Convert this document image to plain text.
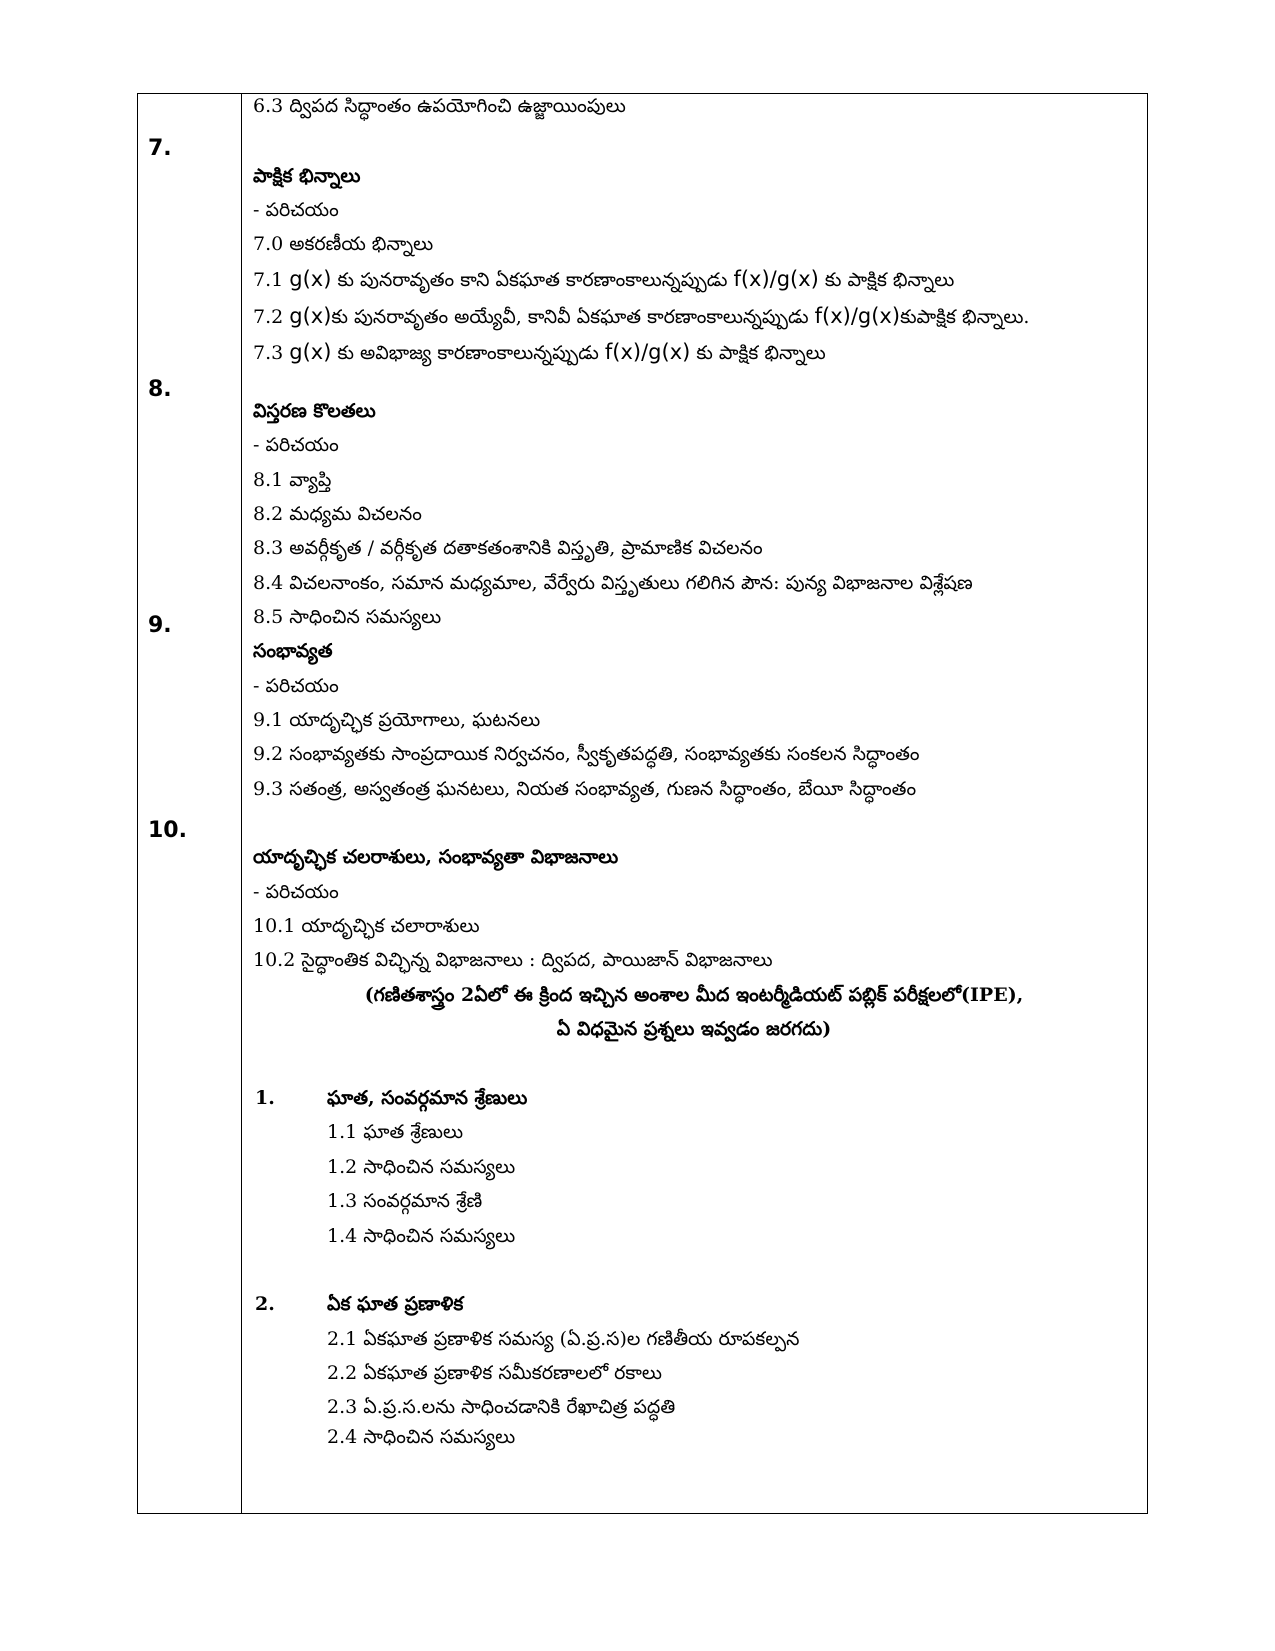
7.
8.
9.
10.
6.3 ద్విపద సిద్ధాంతం ఉపయోగించి ఉజ్జాయింపులు
పాక్షిక భిన్నాలు
- పరిచయం
7.0 అకరణీయ భిన్నాలు
7.1 g(x) కు పునరావృతం కాని ఏకఘాత కారణాంకాలున్నప్పుడు f(x)/g(x) కు పాక్షిక భిన్నాలు
7.2 g(x)కు పునరావృతం అయ్యేవీ, కానివీ ఏకఘాత కారణాంకాలున్నప్పుడు f(x)/g(x)కుపాక్షిక భిన్నాలు.
7.3 g(x) కు అవిభాజ్య కారణాంకాలున్నప్పుడు f(x)/g(x) కు పాక్షిక భిన్నాలు
విస్తరణ కొలతలు
- పరిచయం
8.1 వ్యాప్తి
8.2 మధ్యమ విచలనం
8.3 అవర్గీకృత / వర్గీకృత దతాకతంశానికి విస్తృతి, ప్రామాణిక విచలనం
8.4 విచలనాంకం, సమాన మధ్యమాల, వేర్వేరు విస్తృతులు గలిగిన పౌన: పున్య విభాజనాల విశ్లేషణ
8.5 సాధించిన సమస్యలు
సంభావ్యత
- పరిచయం
9.1 యాదృచ్ఛిక ప్రయోగాలు, ఘటనలు
9.2 సంభావ్యతకు సాంప్రదాయిక నిర్వచనం, స్వీకృతపద్ధతి, సంభావ్యతకు సంకలన సిద్ధాంతం
9.3 సతంత్ర, అస్వతంత్ర ఘనటలు, నియత సంభావ్యత, గుణన సిద్ధాంతం, బేయీ సిద్ధాంతం
యాదృచ్ఛిక చలరాశులు, సంభావ్యతా విభాజనాలు
- పరిచయం
10.1 యాదృచ్ఛిక చలారాశులు
10.2 సైద్ధాంతిక విచ్ఛిన్న విభాజనాలు : ద్విపద, పాయిజాన్ విభాజనాలు
(గణితశాస్త్రం 2ఏలో ఈ క్రింద ఇచ్చిన అంశాల మీద ఇంటర్మీడియట్ పబ్లిక్ పరీక్షలలో(IPE),
ఏ విధమైన ప్రశ్నలు ఇవ్వడం జరగదు)
1.	ఘాత, సంవర్గమాన శ్రేణులు
1.1 ఘాత శ్రేణులు
1.2 సాధించిన సమస్యలు
1.3 సంవర్గమాన శ్రేణి
1.4 సాధించిన సమస్యలు
2.	ఏక ఘాత ప్రణాళిక
2.1 ఏకఘాత ప్రణాళిక సమస్య (ఏ.ప్ర.స)ల గణితీయ రూపకల్పన
2.2 ఏకఘాత ప్రణాళిక సమీకరణాలలో రకాలు
2.3 ఏ.ప్ర.స.లను సాధించడానికి రేఖాచిత్ర పద్ధతి
2.4 సాధించిన సమస్యలు
